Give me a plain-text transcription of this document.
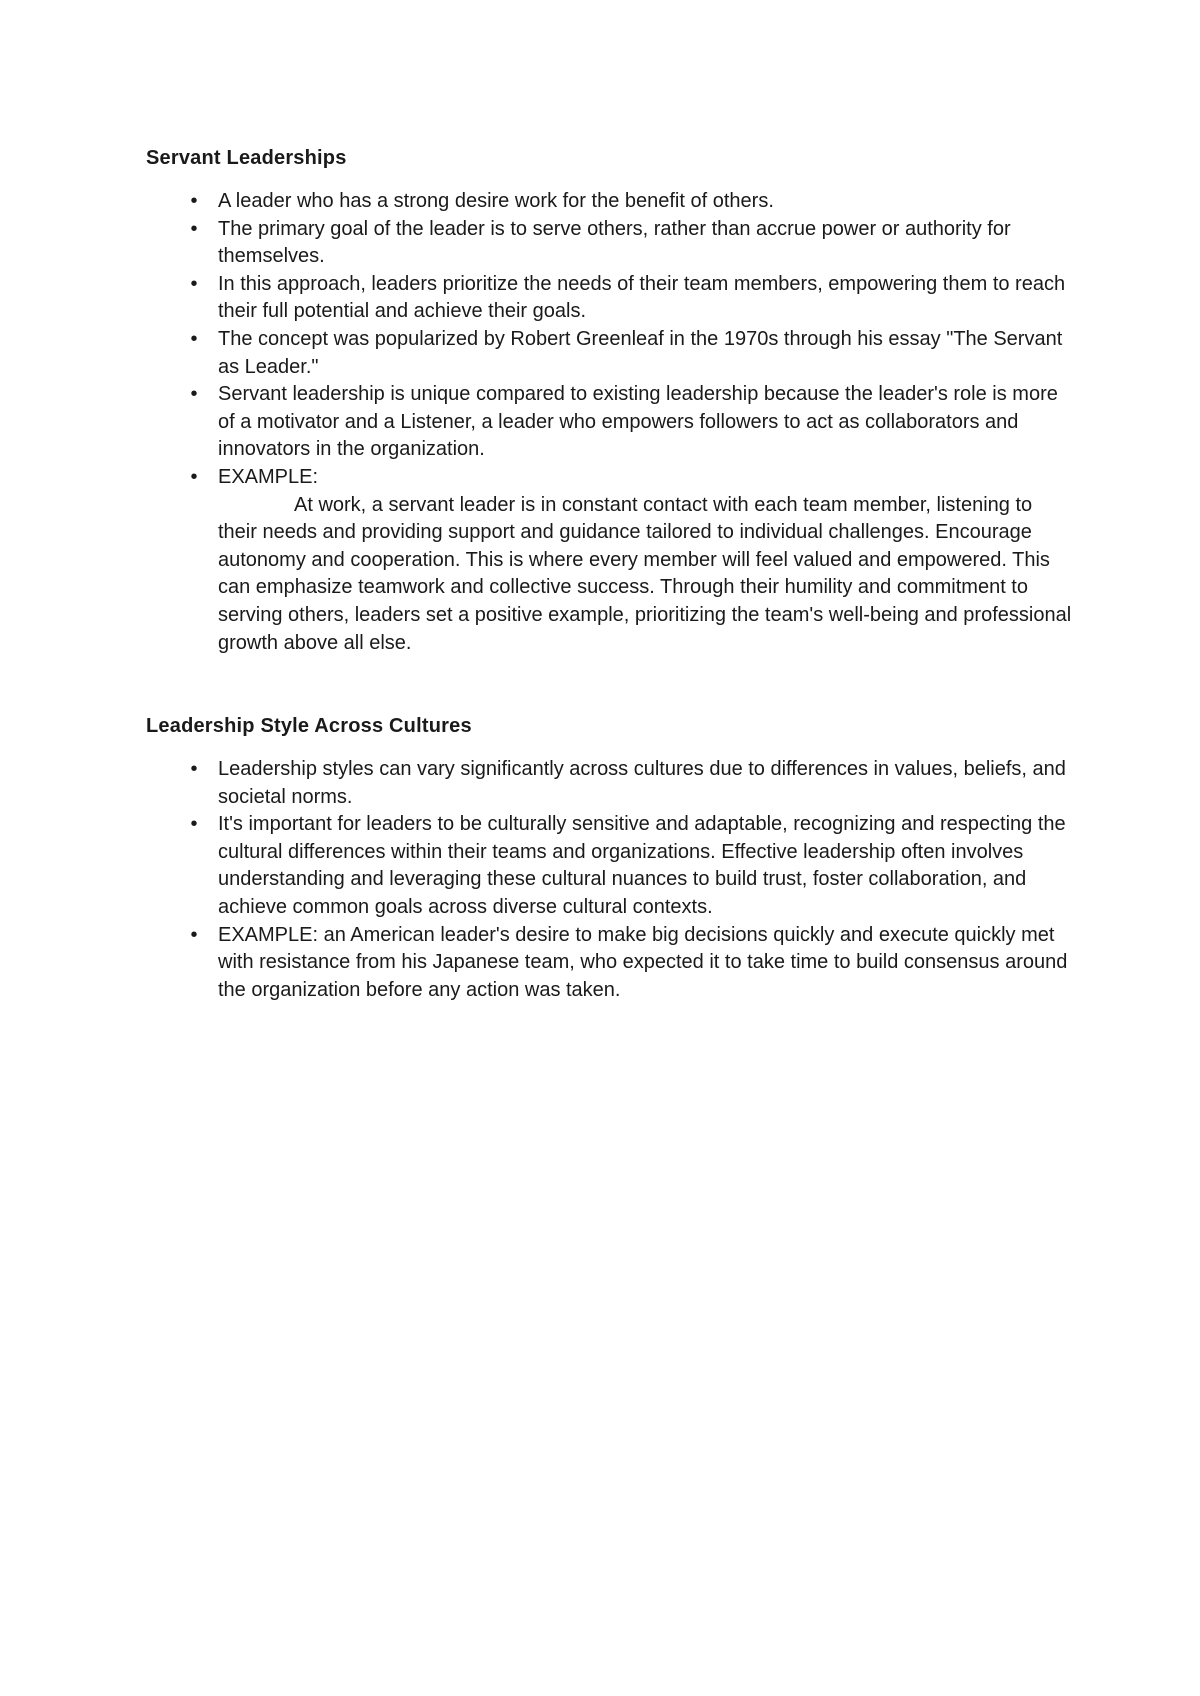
Servant Leaderships
•	A leader who has a strong desire work for the benefit of others.
•	The primary goal of the leader is to serve others, rather than accrue power or authority for themselves.
•	In this approach, leaders prioritize the needs of their team members, empowering them to reach their full potential and achieve their goals.
•	The concept was popularized by Robert Greenleaf in the 1970s through his essay "The Servant as Leader."
•	Servant leadership is unique compared to existing leadership because the leader's role is more of a motivator and a Listener, a leader who empowers followers to act as collaborators and innovators in the organization.
•	EXAMPLE:
At work, a servant leader is in constant contact with each team member, listening to their needs and providing support and guidance tailored to individual challenges. Encourage autonomy and cooperation. This is where every member will feel valued and empowered. This can emphasize teamwork and collective success. Through their humility and commitment to serving others, leaders set a positive example, prioritizing the team's well-being and professional growth above all else.
Leadership Style Across Cultures
•	Leadership styles can vary significantly across cultures due to differences in values, beliefs, and societal norms.
•	It's important for leaders to be culturally sensitive and adaptable, recognizing and respecting the cultural differences within their teams and organizations. Effective leadership often involves understanding and leveraging these cultural nuances to build trust, foster collaboration, and achieve common goals across diverse cultural contexts.
•	EXAMPLE: an American leader's desire to make big decisions quickly and execute quickly met with resistance from his Japanese team, who expected it to take time to build consensus around the organization before any action was taken.
